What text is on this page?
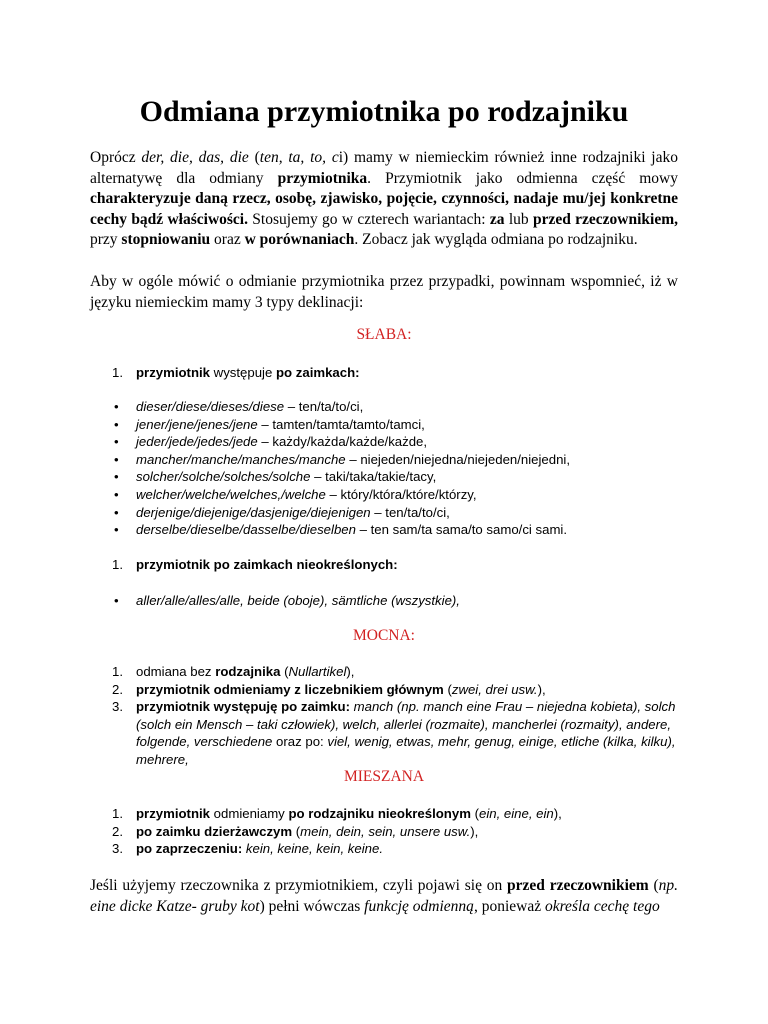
Odmiana przymiotnika po rodzajniku

Oprócz der, die, das, die (ten, ta, to, ci) mamy w niemieckim również inne rodzajniki jako alternatywę dla odmiany przymiotnika. Przymiotnik jako odmienna część mowy charakteryzuje daną rzecz, osobę, zjawisko, pojęcie, czynności, nadaje mu/jej konkretne cechy bądź właściwości. Stosujemy go w czterech wariantach: za lub przed rzeczownikiem, przy stopniowaniu oraz w porównaniach. Zobacz jak wygląda odmiana po rodzajniku.

Aby w ogóle mówić o odmianie przymiotnika przez przypadki, powinnam wspomnieć, iż w języku niemieckim mamy 3 typy deklinacji:

SŁABA:

1. przymiotnik występuje po zaimkach:
• dieser/diese/dieses/diese – ten/ta/to/ci,
• jener/jene/jenes/jene – tamten/tamta/tamto/tamci,
• jeder/jede/jedes/jede – każdy/każda/każde/każde,
• mancher/manche/manches/manche – niejeden/niejedna/niejeden/niejedni,
• solcher/solche/solches/solche – taki/taka/takie/tacy,
• welcher/welche/welches,/welche – który/która/które/którzy,
• derjenige/diejenige/dasjenige/diejenigen – ten/ta/to/ci,
• derselbe/dieselbe/dasselbe/dieselben – ten sam/ta sama/to samo/ci sami.
1. przymiotnik po zaimkach nieokreślonych:
• aller/alle/alles/alle, beide (oboje), sämtliche (wszystkie),

MOCNA:

1. odmiana bez rodzajnika (Nullartikel),
2. przymiotnik odmieniamy z liczebnikiem głównym (zwei, drei usw.),
3. przymiotnik występuję po zaimku: manch (np. manch eine Frau – niejedna kobieta), solch (solch ein Mensch – taki człowiek), welch, allerlei (rozmaite), mancherlei (rozmaity), andere, folgende, verschiedene oraz po: viel, wenig, etwas, mehr, genug, einige, etliche (kilka, kilku), mehrere,

MIESZANA

1. przymiotnik odmieniamy po rodzajniku nieokreślonym (ein, eine, ein),
2. po zaimku dzierżawczym (mein, dein, sein, unsere usw.),
3. po zaprzeczeniu: kein, keine, kein, keine.

Jeśli użyjemy rzeczownika z przymiotnikiem, czyli pojawi się on przed rzeczownikiem (np. eine dicke Katze- gruby kot) pełni wówczas funkcję odmienną, ponieważ określa cechę tego
